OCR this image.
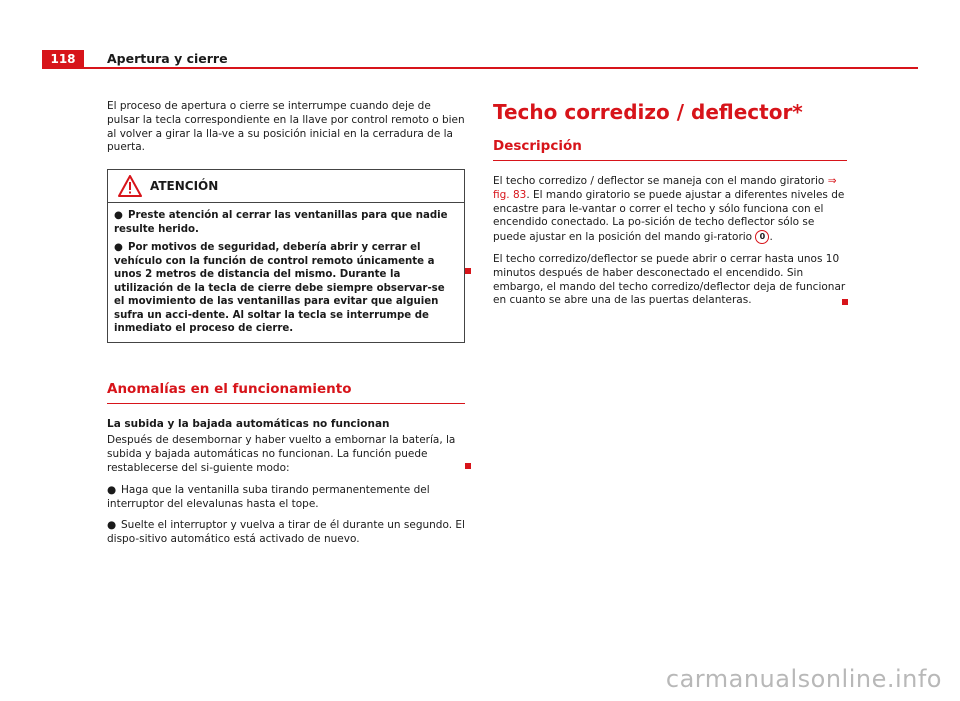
118	Apertura y cierre

El proceso de apertura o cierre se interrumpe cuando deje de pulsar la tecla correspondiente en la llave por control remoto o bien al volver a girar la lla-ve a su posición inicial en la cerradura de la puerta.

ATENCIÓN

● Preste atención al cerrar las ventanillas para que nadie resulte herido.

● Por motivos de seguridad, debería abrir y cerrar el vehículo con la función de control remoto únicamente a unos 2 metros de distancia del mismo. Durante la utilización de la tecla de cierre debe siempre observar-se el movimiento de las ventanillas para evitar que alguien sufra un acci-dente. Al soltar la tecla se interrumpe de inmediato el proceso de cierre.

Anomalías en el funcionamiento

La subida y la bajada automáticas no funcionan

Después de desembornar y haber vuelto a embornar la batería, la subida y bajada automáticas no funcionan. La función puede restablecerse del si-guiente modo:

● Haga que la ventanilla suba tirando permanentemente del interruptor del elevalunas hasta el tope.

● Suelte el interruptor y vuelva a tirar de él durante un segundo. El dispo-sitivo automático está activado de nuevo.

Techo corredizo / deflector*
Descripción

El techo corredizo / deflector se maneja con el mando giratorio ⇒ fig. 83. El mando giratorio se puede ajustar a diferentes niveles de encastre para le-vantar o correr el techo y sólo funciona con el encendido conectado. La po-sición de techo deflector sólo se puede ajustar en la posición del mando gi-ratorio 0 .

El techo corredizo/deflector se puede abrir o cerrar hasta unos 10 minutos después de haber desconectado el encendido. Sin embargo, el mando del techo corredizo/deflector deja de funcionar en cuanto se abre una de las puertas delanteras.

carmanualsonline.info
